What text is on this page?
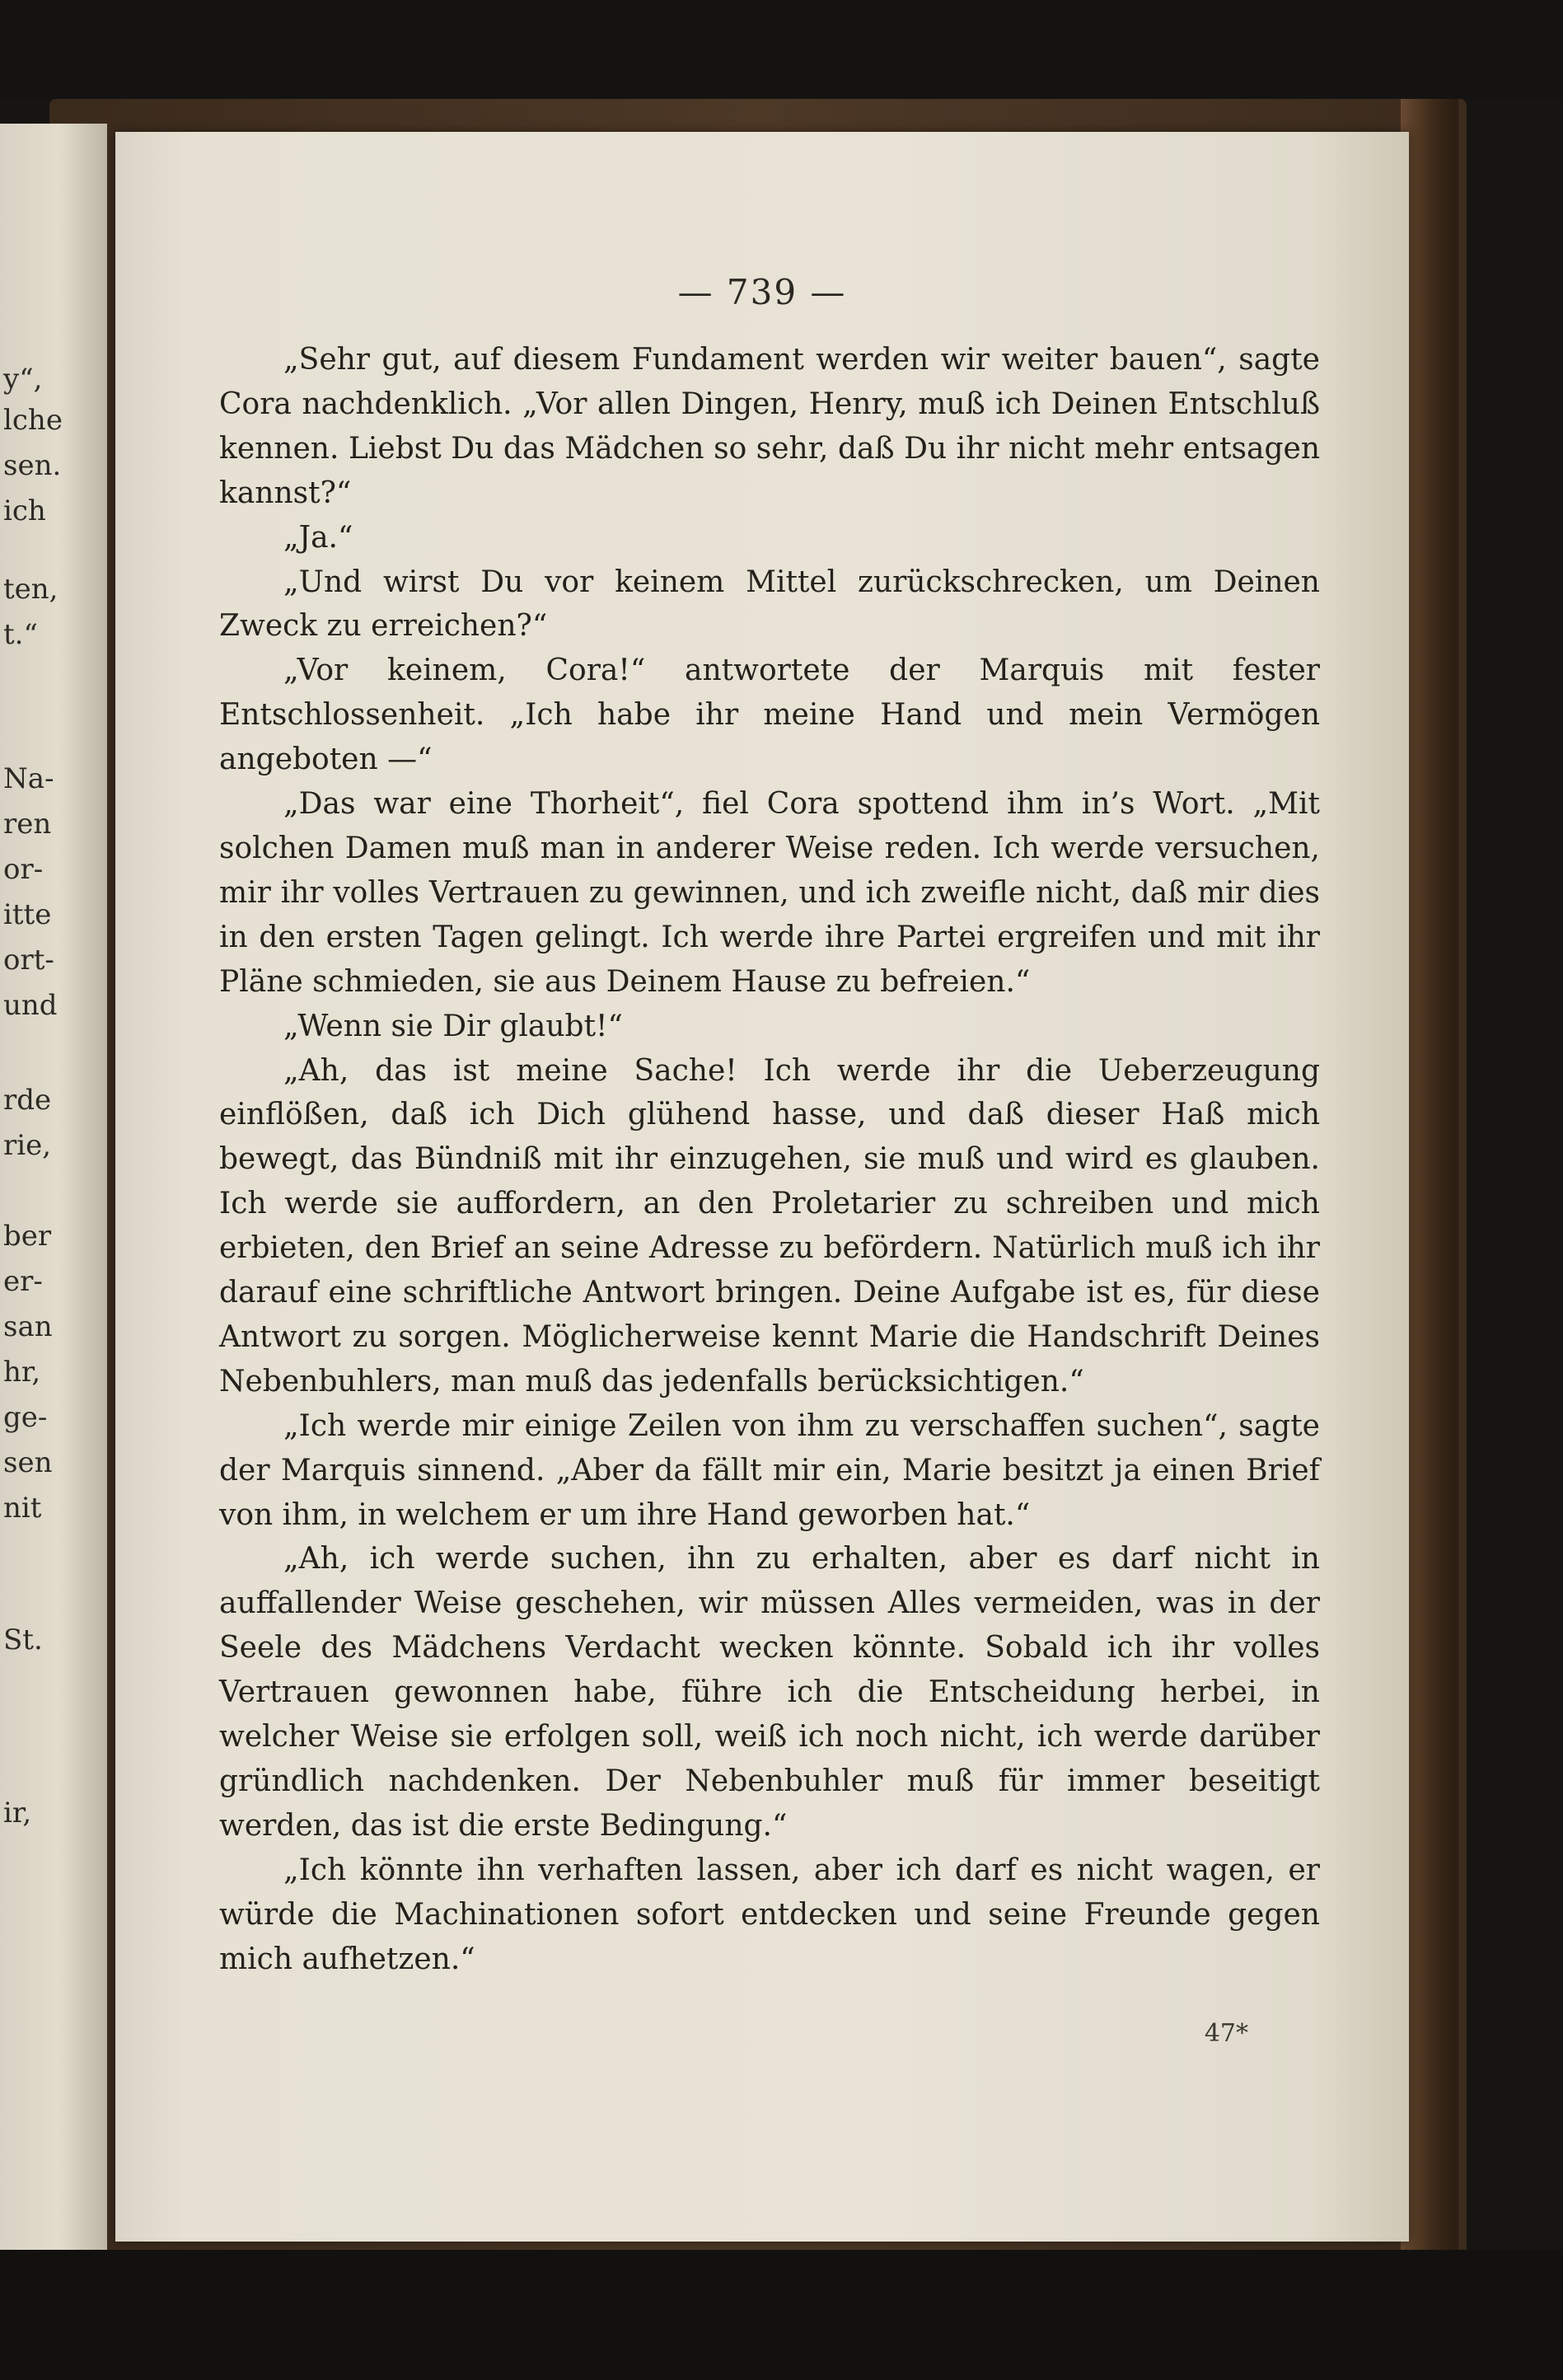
y“,
lche
sen.
ich
ten,
t.“
Na-
ren
or-
itte
ort-
und
rde
rie,
ber
er-
san
hr,
ge-
sen
nit
St.
ir,
— 739 —

„Sehr gut, auf diesem Fundament werden wir weiter bauen“, sagte Cora nachdenklich. „Vor allen Dingen, Henry, muß ich Deinen Entschluß kennen. Liebst Du das Mädchen so sehr, daß Du ihr nicht mehr entsagen kannst?“

„Ja.“

„Und wirst Du vor keinem Mittel zurückschrecken, um Deinen Zweck zu erreichen?“

„Vor keinem, Cora!“ antwortete der Marquis mit fester Entschlossenheit. „Ich habe ihr meine Hand und mein Vermögen angeboten —“

„Das war eine Thorheit“, fiel Cora spottend ihm in’s Wort. „Mit solchen Damen muß man in anderer Weise reden. Ich werde versuchen, mir ihr volles Vertrauen zu gewinnen, und ich zweifle nicht, daß mir dies in den ersten Tagen gelingt. Ich werde ihre Partei ergreifen und mit ihr Pläne schmieden, sie aus Deinem Hause zu befreien.“

„Wenn sie Dir glaubt!“

„Ah, das ist meine Sache! Ich werde ihr die Ueberzeugung einflößen, daß ich Dich glühend hasse, und daß dieser Haß mich bewegt, das Bündniß mit ihr einzugehen, sie muß und wird es glauben. Ich werde sie auffordern, an den Proletarier zu schreiben und mich erbieten, den Brief an seine Adresse zu befördern. Natürlich muß ich ihr darauf eine schriftliche Antwort bringen. Deine Aufgabe ist es, für diese Antwort zu sorgen. Möglicherweise kennt Marie die Handschrift Deines Nebenbuhlers, man muß das jedenfalls berücksichtigen.“

„Ich werde mir einige Zeilen von ihm zu verschaffen suchen“, sagte der Marquis sinnend. „Aber da fällt mir ein, Marie besitzt ja einen Brief von ihm, in welchem er um ihre Hand geworben hat.“

„Ah, ich werde suchen, ihn zu erhalten, aber es darf nicht in auffallender Weise geschehen, wir müssen Alles vermeiden, was in der Seele des Mädchens Verdacht wecken könnte. Sobald ich ihr volles Vertrauen gewonnen habe, führe ich die Entscheidung herbei, in welcher Weise sie erfolgen soll, weiß ich noch nicht, ich werde darüber gründlich nachdenken. Der Nebenbuhler muß für immer beseitigt werden, das ist die erste Bedingung.“

„Ich könnte ihn verhaften lassen, aber ich darf es nicht wagen, er würde die Machinationen sofort entdecken und seine Freunde gegen mich aufhetzen.“

47*
